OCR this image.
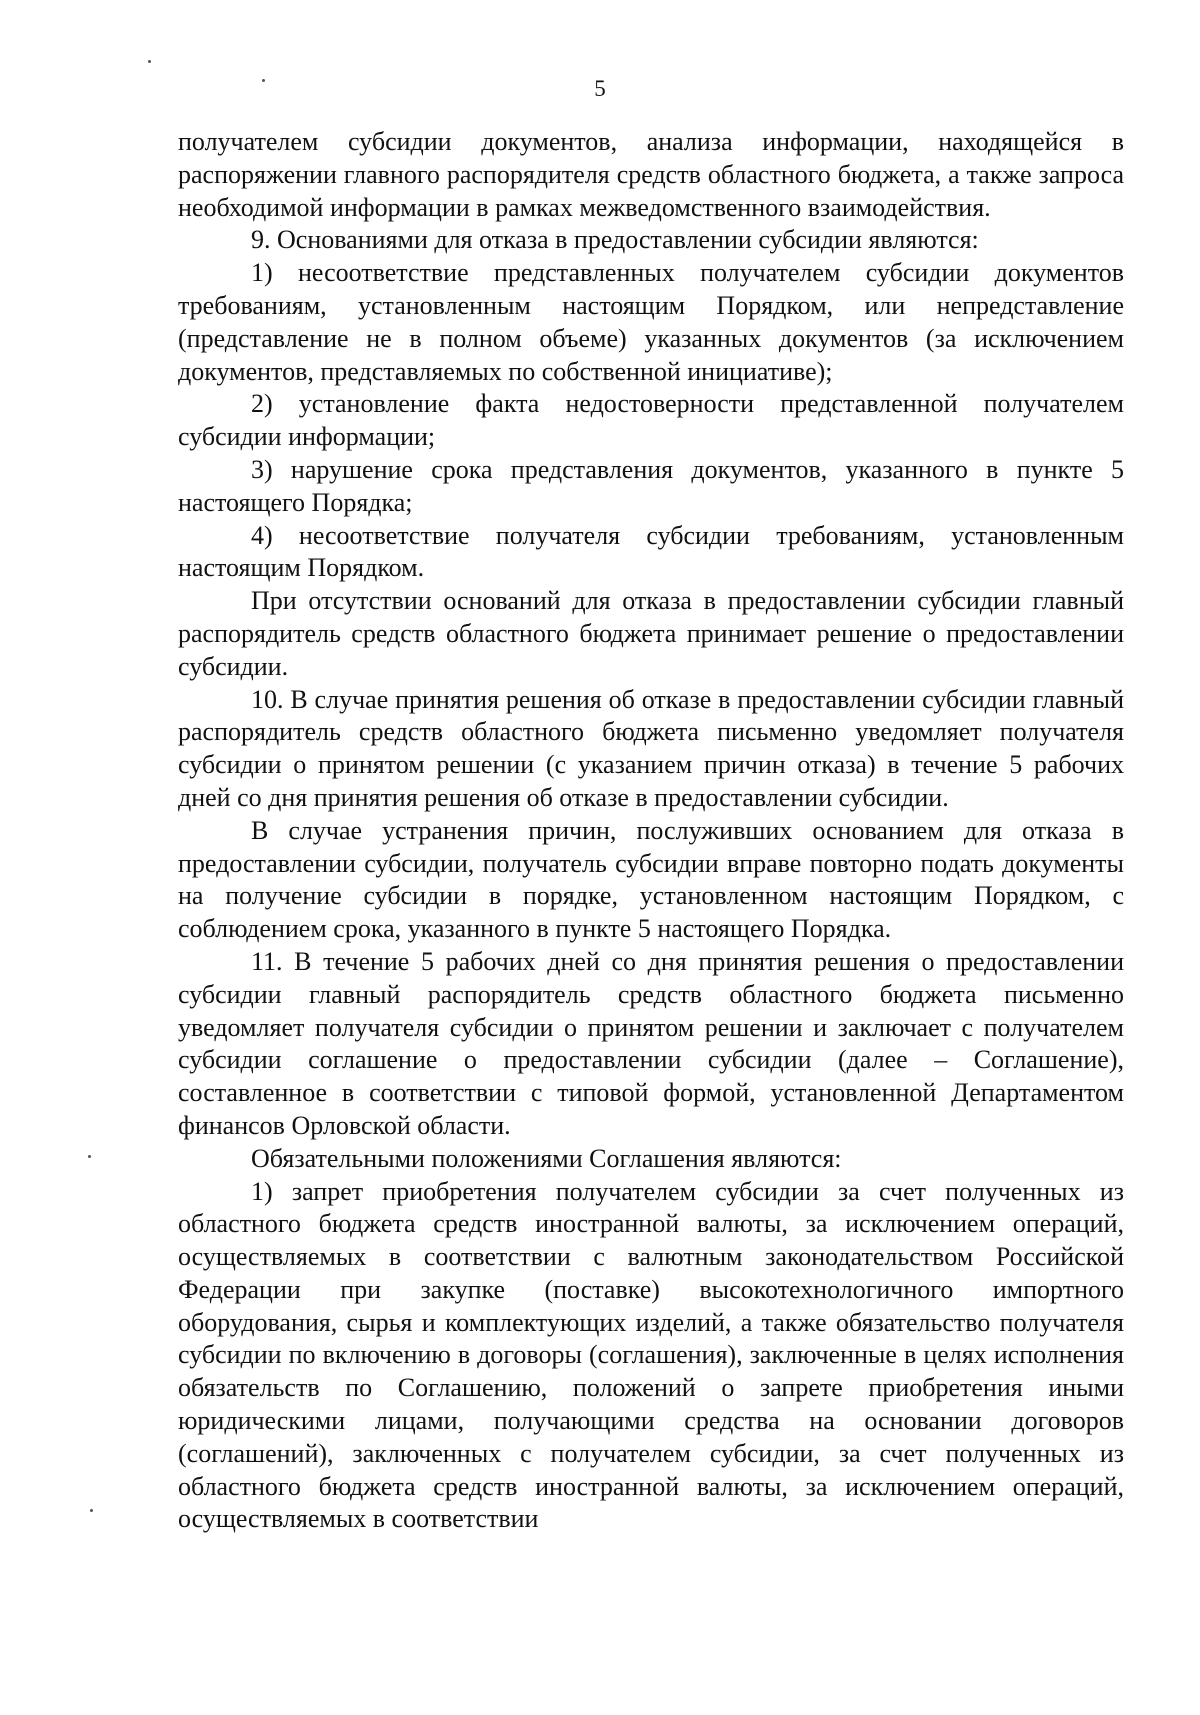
5

получателем субсидии документов, анализа информации, находящейся в распоряжении главного распорядителя средств областного бюджета, а также запроса необходимой информации в рамках межведомственного взаимодействия.

9. Основаниями для отказа в предоставлении субсидии являются:

1) несоответствие представленных получателем субсидии документов требованиям, установленным настоящим Порядком, или непредставление (представление не в полном объеме) указанных документов (за исключением документов, представляемых по собственной инициативе);

2) установление факта недостоверности представленной получателем субсидии информации;

3) нарушение срока представления документов, указанного в пункте 5 настоящего Порядка;

4) несоответствие получателя субсидии требованиям, установленным настоящим Порядком.

При отсутствии оснований для отказа в предоставлении субсидии главный распорядитель средств областного бюджета принимает решение о предоставлении субсидии.

10. В случае принятия решения об отказе в предоставлении субсидии главный распорядитель средств областного бюджета письменно уведомляет получателя субсидии о принятом решении (с указанием причин отказа) в течение 5 рабочих дней со дня принятия решения об отказе в предоставлении субсидии.

В случае устранения причин, послуживших основанием для отказа в предоставлении субсидии, получатель субсидии вправе повторно подать документы на получение субсидии в порядке, установленном настоящим Порядком, с соблюдением срока, указанного в пункте 5 настоящего Порядка.

11. В течение 5 рабочих дней со дня принятия решения о предоставлении субсидии главный распорядитель средств областного бюджета письменно уведомляет получателя субсидии о принятом решении и заключает с получателем субсидии соглашение о предоставлении субсидии (далее – Соглашение), составленное в соответствии с типовой формой, установленной Департаментом финансов Орловской области.

Обязательными положениями Соглашения являются:

1) запрет приобретения получателем субсидии за счет полученных из областного бюджета средств иностранной валюты, за исключением операций, осуществляемых в соответствии с валютным законодательством Российской Федерации при закупке (поставке) высокотехнологичного импортного оборудования, сырья и комплектующих изделий, а также обязательство получателя субсидии по включению в договоры (соглашения), заключенные в целях исполнения обязательств по Соглашению, положений о запрете приобретения иными юридическими лицами, получающими средства на основании договоров (соглашений), заключенных с получателем субсидии, за счет полученных из областного бюджета средств иностранной валюты, за исключением операций, осуществляемых в соответствии
